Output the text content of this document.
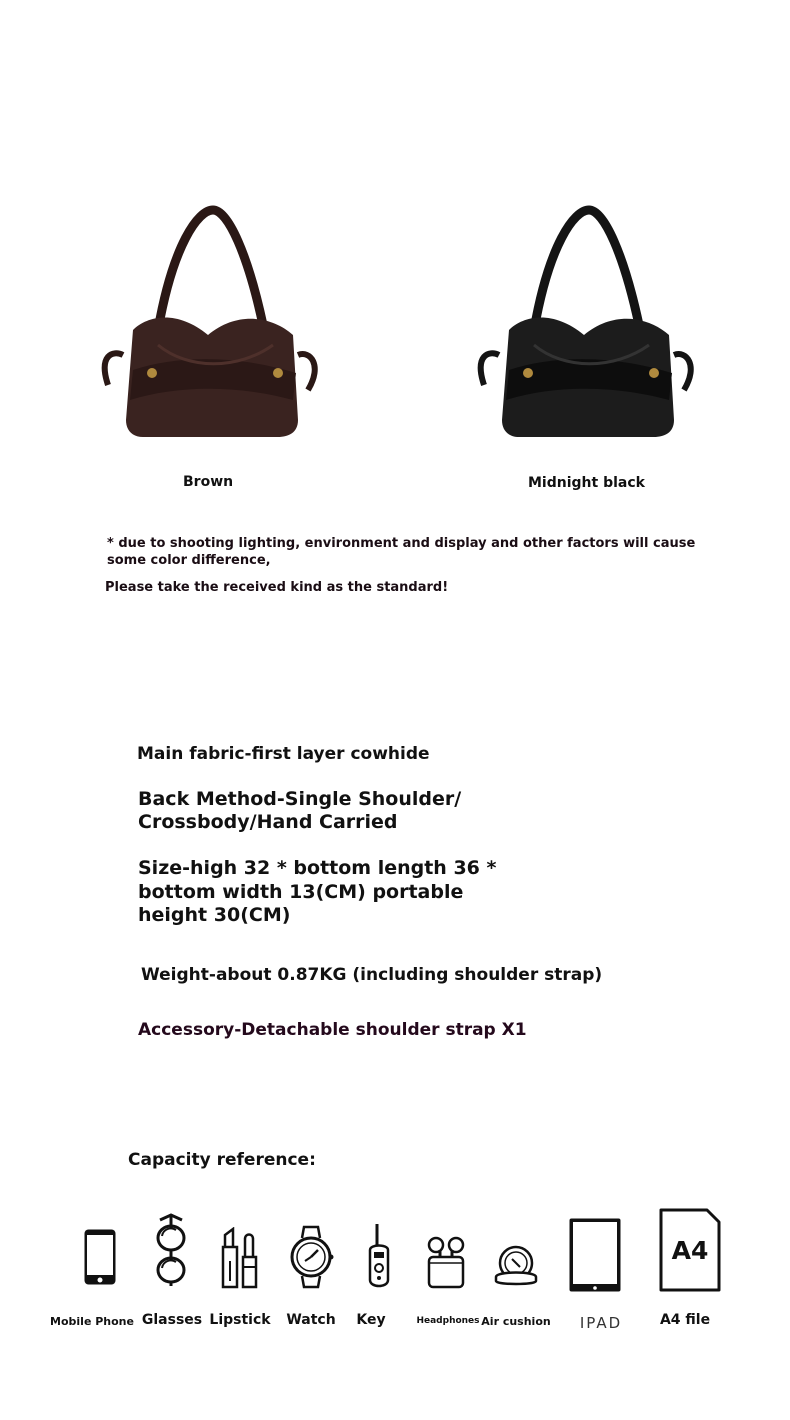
Brown	Midnight black
* due to shooting lighting, environment and display and other factors will cause
some color difference,
Please take the received kind as the standard!
Main fabric-first layer cowhide
Back Method-Single Shoulder/
Crossbody/Hand Carried
Size-high 32 * bottom length 36 *
bottom width 13(CM) portable
height 30(CM)
Weight-about 0.87KG (including shoulder strap)
Accessory-Detachable shoulder strap X1
Capacity reference:
Mobile Phone Glasses Lipstick Watch Key	Headphones Air cushion IPAD
A4
A4 file
